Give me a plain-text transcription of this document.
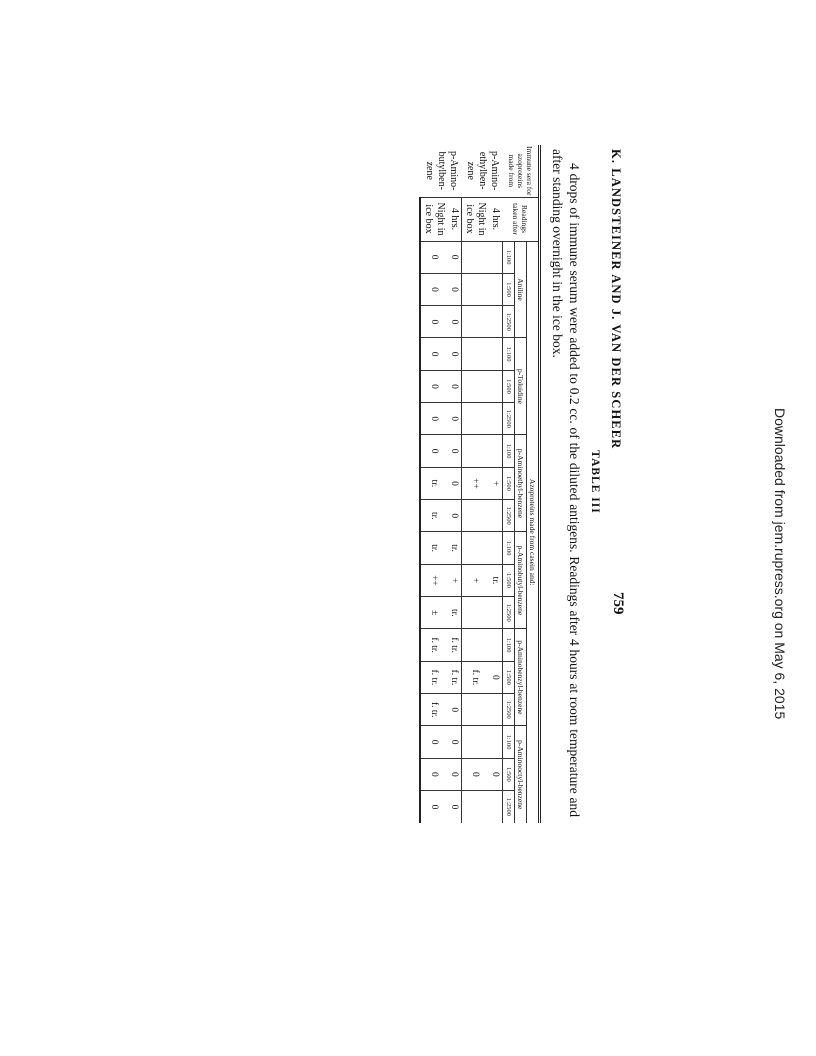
Downloaded from jem.rupress.org on May 6, 2015
K. LANDSTEINER AND J. VAN DER SCHEER
759
TABLE III
4 drops of immune serum were added to 0.2 cc. of the diluted antigens. Readings after 4 hours at room temperature and after standing overnight in the ice box.
Immune sera for azoproteins made from	Readings taken after	Azoproteins made from casein and:																	
		Aniline			p-Toluidine			p-Aminoethyl-benzene			p-Aminobutyl-benzene			p-Aminobenzyl-benzene			p-Aminooctyl-benzene		
		1:100	1:500	1:2500	1:100	1:500	1:2500	1:100	1:500	1:2500	1:100	1:500	1:2500	1:100	1:500	1:2500	1:100	1:500	1:2500
p-Amino-ethylben-zene	4 hrs.								+			tr.			0			0	
	Night in ice box								++			+			f. tr.			0	
p-Amino-butylben-zene	4 hrs.	0	0	0	0	0	0	0	0	0	tr.	+	tr.	f. tr.	f. tr.	0	0	0	0
	Night in ice box	0	0	0	0	0	0	0	tr.	tr.	tr.	++	±	f. tr.	f. tr.	f. tr.	0	0	0
